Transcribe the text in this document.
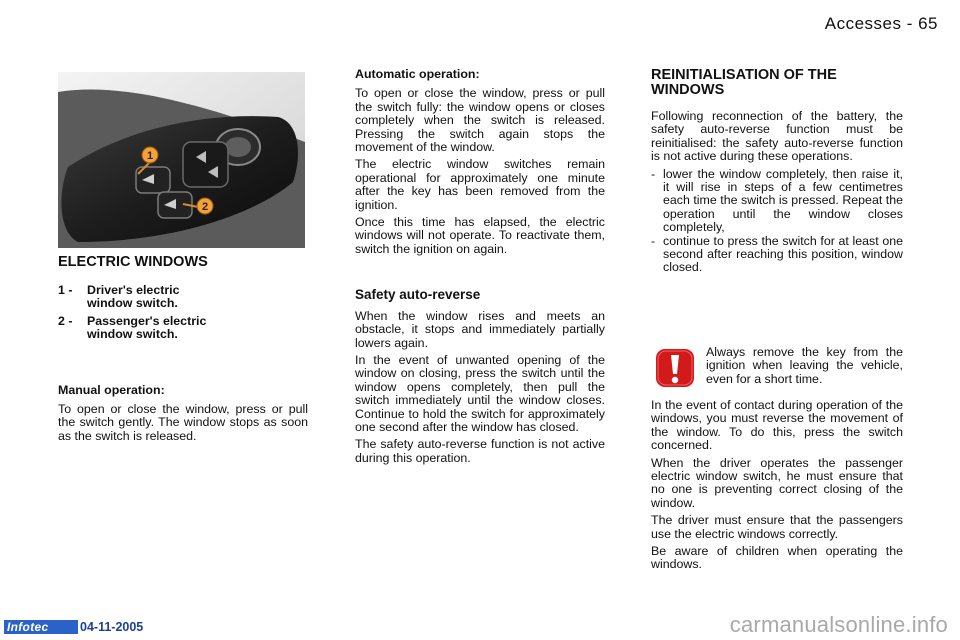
Accesses - 65
1
2
ELECTRIC WINDOWS
1 -	Driver's electric window switch.
2 -	Passenger's electric window switch.
Manual operation:

To open or close the window, press or pull the switch gently. The window stops as soon as the switch is released.

Automatic operation:

To open or close the window, press or pull the switch fully: the window opens or closes completely when the switch is released. Pressing the switch again stops the movement of the window.

The electric window switches remain operational for approximately one minute after the key has been removed from the ignition.

Once this time has elapsed, the electric windows will not operate. To reactivate them, switch the ignition on again.

Safety auto-reverse

When the window rises and meets an obstacle, it stops and immediately partially lowers again.

In the event of unwanted opening of the window on closing, press the switch until the window opens completely, then pull the switch immediately until the window closes. Continue to hold the switch for approximately one second after the window has closed.

The safety auto-reverse function is not active during this operation.

REINITIALISATION OF THE WINDOWS

Following reconnection of the battery, the safety auto-reverse function must be reinitialised: the safety auto-reverse function is not active during these operations.

- lower the window completely, then raise it, it will rise in steps of a few centimetres each time the switch is pressed. Repeat the operation until the window closes completely,
- continue to press the switch for at least one second after reaching this position, window closed.

Always remove the key from the ignition when leaving the vehicle, even for a short time.

In the event of contact during operation of the windows, you must reverse the movement of the window. To do this, press the switch concerned.

When the driver operates the passenger electric window switch, he must ensure that no one is preventing correct closing of the window.

The driver must ensure that the passengers use the electric windows correctly.

Be aware of children when operating the windows.

Infotec	04-11-2005	carmanualsonline.info
